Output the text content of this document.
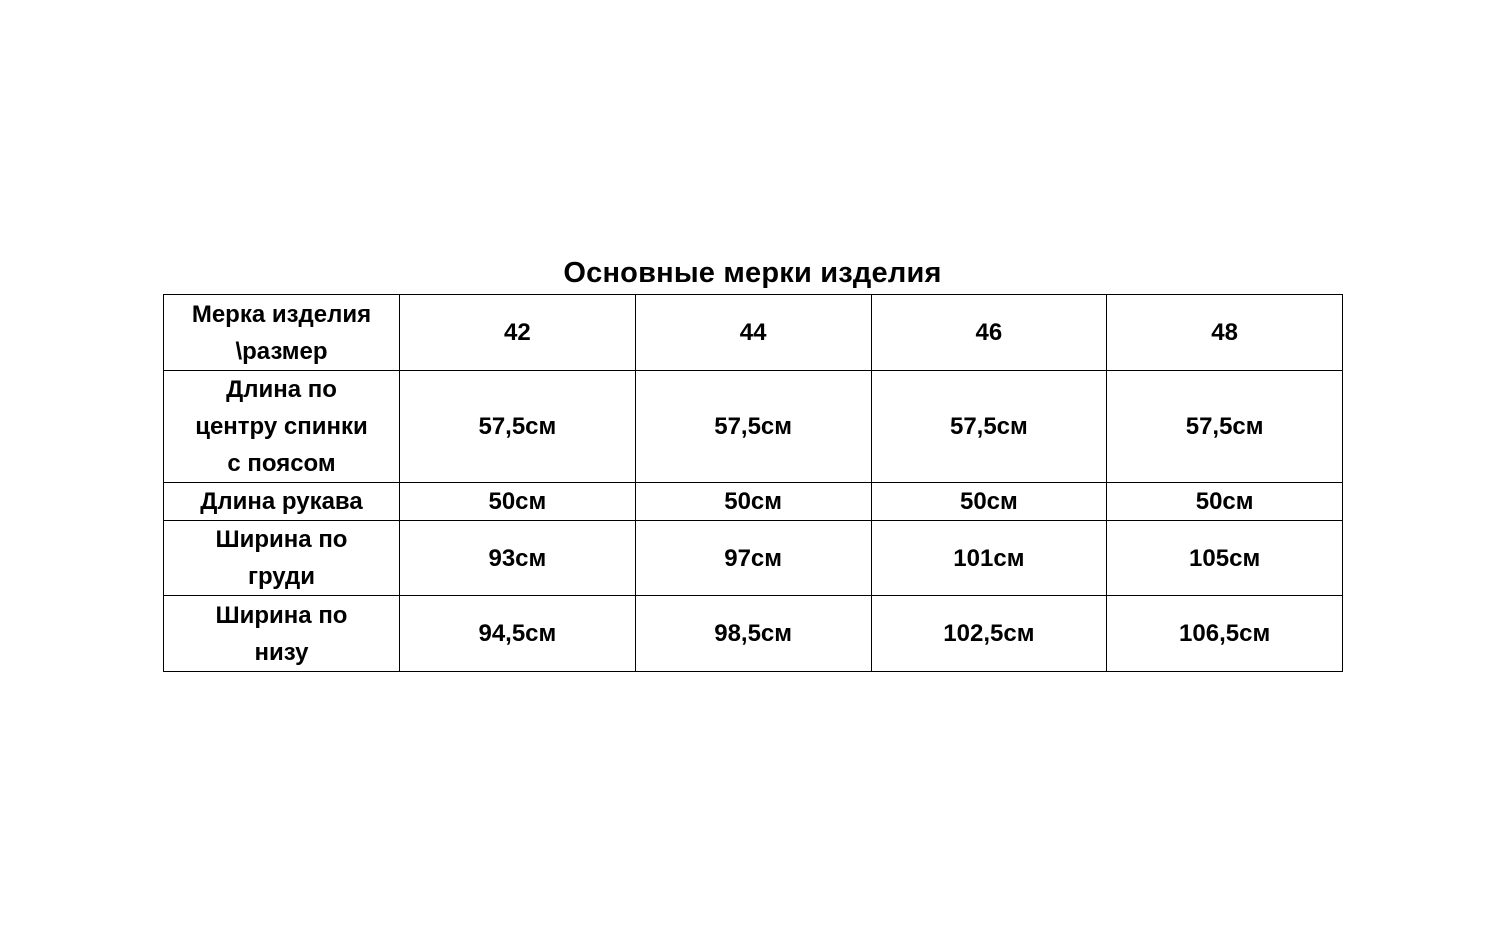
Основные мерки изделия
Мерка изделия
\размер	42	44	46	48
Длина по
центру спинки
с поясом	57,5см	57,5см	57,5см	57,5см
Длина рукава	50см	50см	50см	50см
Ширина по
груди	93см	97см	101см	105см
Ширина по
низу	94,5см	98,5см	102,5см	106,5см
